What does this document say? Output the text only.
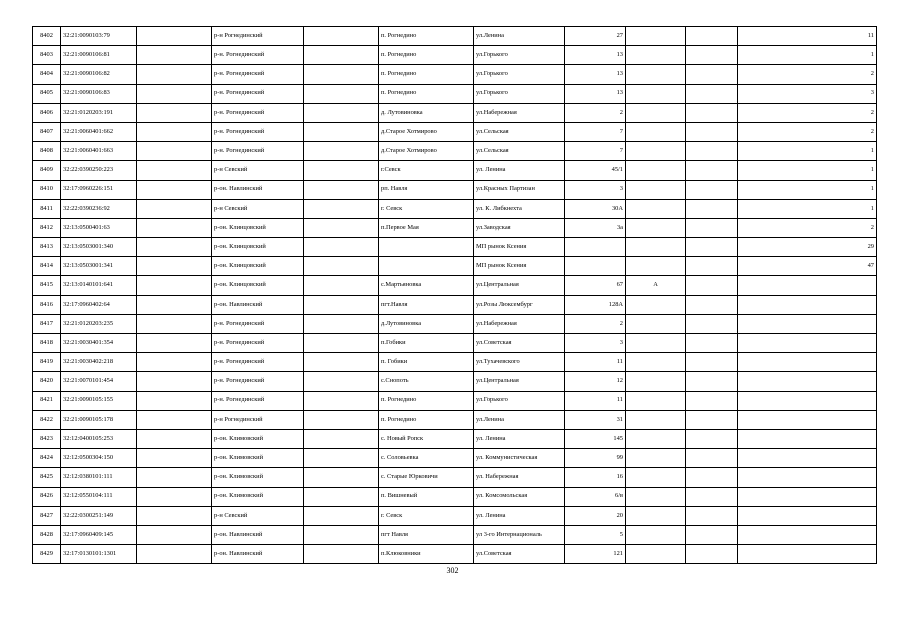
8402	32:21:0090103:79		р-н Рогнединский		п. Рогнедино	ул.Ленина	27			11
8403	32:21:0090106:81		р-н. Рогнединский		п. Рогнедино	ул.Горького	13			1
8404	32:21:0090106:82		р-н. Рогнединский		п. Рогнедино	ул.Горького	13			2
8405	32:21:0090106:83		р-н. Рогнединский		п. Рогнедино	ул.Горького	13			3
8406	32:21:0120203:191		р-н. Рогнединский		д. Лутовиновка	ул.Набережная	2			2
8407	32:21:0060401:662		р-н. Рогнединский		д.Старое Хотмирово	ул.Сельская	7			2
8408	32:21:0060401:663		р-н. Рогнединский		д.Старое Хотмирово	ул.Сельская	7			1
8409	32:22:0390250:223		р-н Севский		г.Севск	ул. Ленина	45/1			1
8410	32:17:0960226:151		р-он. Навлинский		рп. Навля	ул.Красных Партизан	3			1
8411	32:22:0390236:92		р-н Севский		г. Севск	ул. К. Либкнехта	30А			1
8412	32:13:0500401:63		р-он. Клинцовский		п.Первое Мая	ул.Заводская	3а			2
8413	32:13:0503001:340		р-он. Клинцовский			МП рынок Ксения				29
8414	32:13:0503001:341		р-он. Клинцовский			МП рынок Ксения				47
8415	32:13:0140101:641		р-он. Клинцовский		с.Мартьяновка	ул.Центральная	67	А		
8416	32:17:0960402:64		р-он. Навлинский		пгт.Навля	ул.Розы Люксембург	128А			
8417	32:21:0120203:235		р-н. Рогнединский		д.Лутовиновка	ул.Набережная	2			
8418	32:21:0030401:354		р-н. Рогнединский		п.Гобики	ул.Советская	3			
8419	32:21:0030402:218		р-н. Рогнединский		п. Гобики	ул.Тухачевского	11			
8420	32:21:0070101:454		р-н. Рогнединский		с.Снопоть	ул.Центральная	12			
8421	32:21:0090105:155		р-н. Рогнединский		п. Рогнедино	ул.Горького	11			
8422	32:21:0090105:178		р-н Рогнединский		п. Рогнедино	ул.Ленина	31			
8423	32:12:0400105:253		р-он. Климовский		с. Новый Ропск	ул. Ленина	145			
8424	32:12:0500304:150		р-он. Климовский		с. Соловьевка	ул. Коммунистическая	99			
8425	32:12:0380101:111		р-он. Климовский		с. Старые Юрковичи	ул. Набережная	16			
8426	32:12:0550104:111		р-он. Климовский		п. Вишневый	ул. Комсомольская	6/в			
8427	32:22:0300251:149		р-н Севский		г. Севск	ул. Ленина	20			
8428	32:17:0960409:145		р-он. Навлинский		пгт Навля	ул 3-го Интернациональ	5			
8429	32:17:0130101:1301		р-он. Навлинский		п.Клюковники	ул.Советская	121			
302
